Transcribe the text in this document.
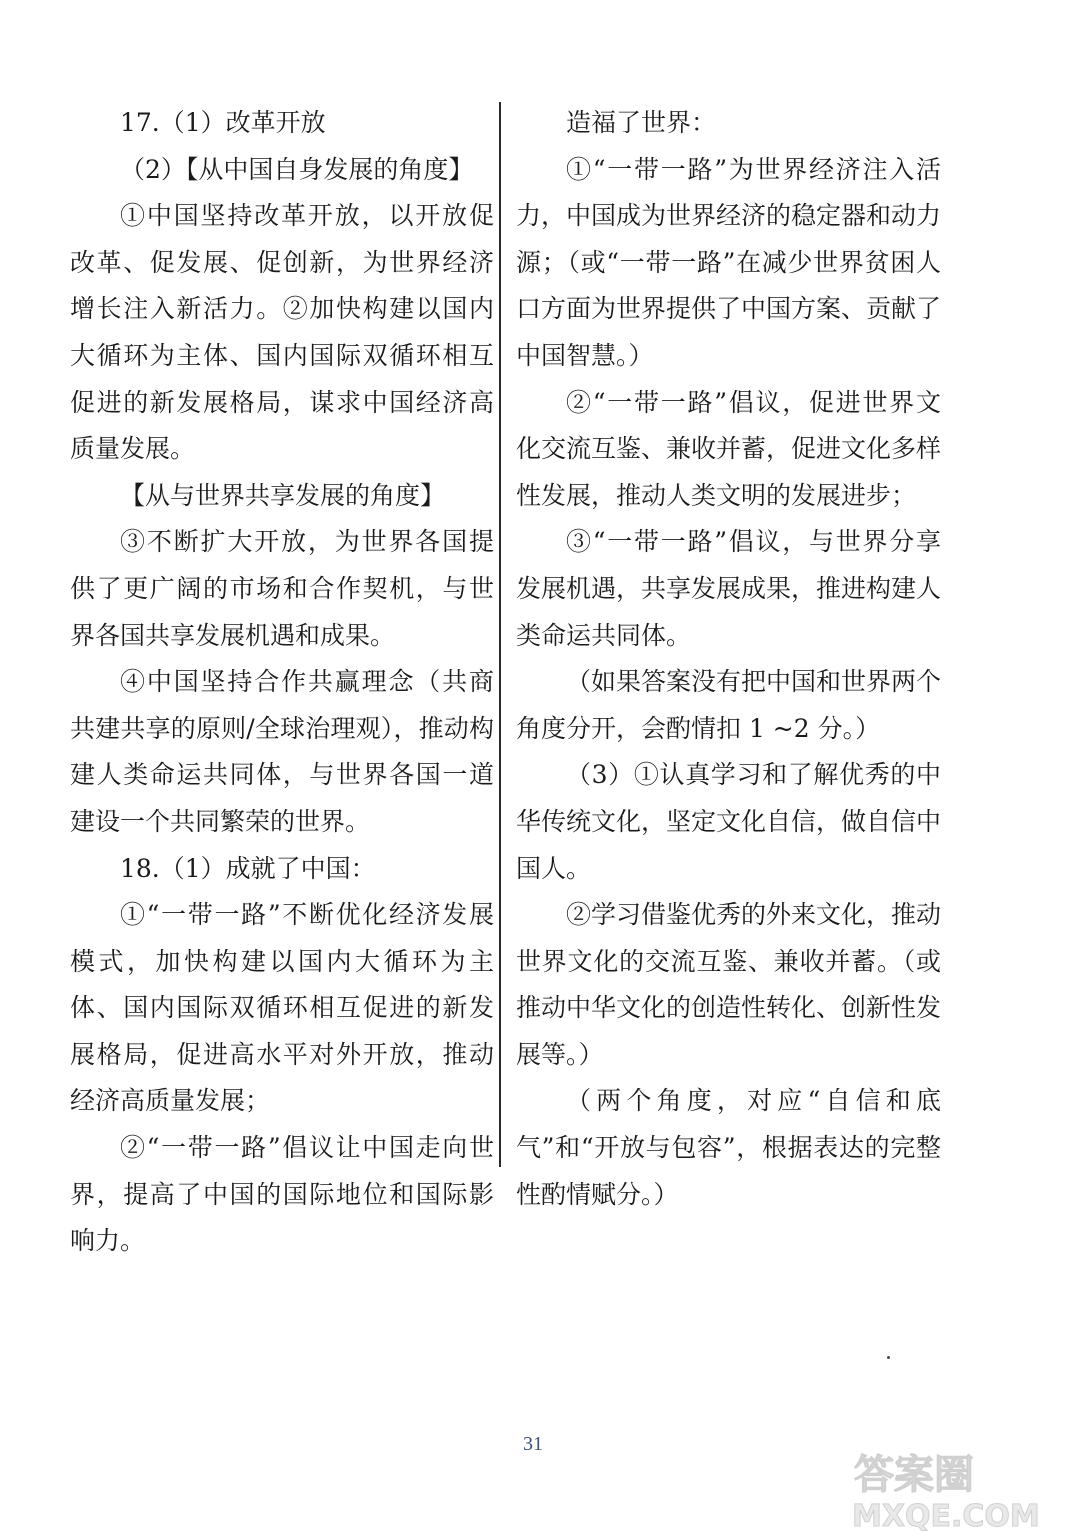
17.（1）改革开放

（2）【从中国自身发展的角度】

①中国坚持改革开放，以开放促改革、促发展、促创新，为世界经济增长注入新活力。②加快构建以国内大循环为主体、国内国际双循环相互促进的新发展格局，谋求中国经济高质量发展。

【从与世界共享发展的角度】

③不断扩大开放，为世界各国提供了更广阔的市场和合作契机，与世界各国共享发展机遇和成果。

④中国坚持合作共赢理念（共商共建共享的原则/全球治理观），推动构建人类命运共同体，与世界各国一道建设一个共同繁荣的世界。

18.（1）成就了中国：

①“一带一路”不断优化经济发展模式，加快构建以国内大循环为主体、国内国际双循环相互促进的新发展格局，促进高水平对外开放，推动经济高质量发展；

②“一带一路”倡议让中国走向世界，提高了中国的国际地位和国际影响力。

造福了世界：

①“一带一路”为世界经济注入活力，中国成为世界经济的稳定器和动力源；（或“一带一路”在减少世界贫困人口方面为世界提供了中国方案、贡献了中国智慧。）

②“一带一路”倡议，促进世界文化交流互鉴、兼收并蓄，促进文化多样性发展，推动人类文明的发展进步；

③“一带一路”倡议，与世界分享发展机遇，共享发展成果，推进构建人类命运共同体。

（如果答案没有把中国和世界两个角度分开，会酌情扣 1 ~2 分。）

（3）①认真学习和了解优秀的中华传统文化，坚定文化自信，做自信中国人。

②学习借鉴优秀的外来文化，推动世界文化的交流互鉴、兼收并蓄。（或推动中华文化的创造性转化、创新性发展等。）

（两个角度，对应“自信和底气”和“开放与包容”，根据表达的完整性酌情赋分。）

31
答案圈
MXQE.COM
